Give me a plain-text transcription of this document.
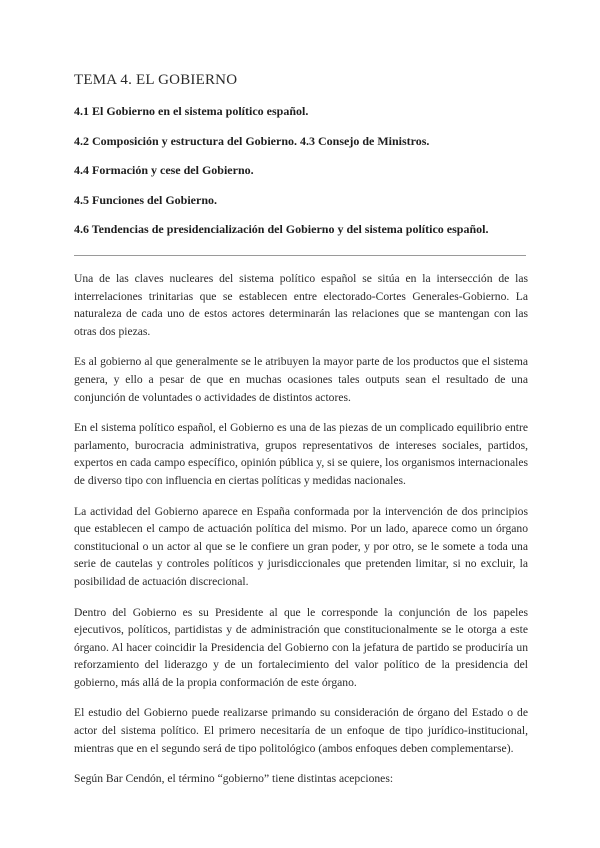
TEMA 4. EL GOBIERNO
4.1 El Gobierno en el sistema político español.
4.2 Composición y estructura del Gobierno. 4.3 Consejo de Ministros.
4.4 Formación y cese del Gobierno.
4.5 Funciones del Gobierno.
4.6 Tendencias de presidencialización del Gobierno y del sistema político español.

Una de las claves nucleares del sistema político español se sitúa en la intersección de las interrelaciones trinitarias que se establecen entre electorado-Cortes Generales-Gobierno. La naturaleza de cada uno de estos actores determinarán las relaciones que se mantengan con las otras dos piezas.

Es al gobierno al que generalmente se le atribuyen la mayor parte de los productos que el sistema genera, y ello a pesar de que en muchas ocasiones tales outputs sean el resultado de una conjunción de voluntades o actividades de distintos actores.

En el sistema político español, el Gobierno es una de las piezas de un complicado equilibrio entre parlamento, burocracia administrativa, grupos representativos de intereses sociales, partidos, expertos en cada campo específico, opinión pública y, si se quiere, los organismos internacionales de diverso tipo con influencia en ciertas políticas y medidas nacionales.

La actividad del Gobierno aparece en España conformada por la intervención de dos principios que establecen el campo de actuación política del mismo. Por un lado, aparece como un órgano constitucional o un actor al que se le confiere un gran poder, y por otro, se le somete a toda una serie de cautelas y controles políticos y jurisdiccionales que pretenden limitar, si no excluir, la posibilidad de actuación discrecional.

Dentro del Gobierno es su Presidente al que le corresponde la conjunción de los papeles ejecutivos, políticos, partidistas y de administración que constitucionalmente se le otorga a este órgano. Al hacer coincidir la Presidencia del Gobierno con la jefatura de partido se produciría un reforzamiento del liderazgo y de un fortalecimiento del valor político de la presidencia del gobierno, más allá de la propia conformación de este órgano.

El estudio del Gobierno puede realizarse primando su consideración de órgano del Estado o de actor del sistema político. El primero necesitaría de un enfoque de tipo jurídico-institucional, mientras que en el segundo será de tipo politológico (ambos enfoques deben complementarse).

Según Bar Cendón, el término “gobierno” tiene distintas acepciones:
